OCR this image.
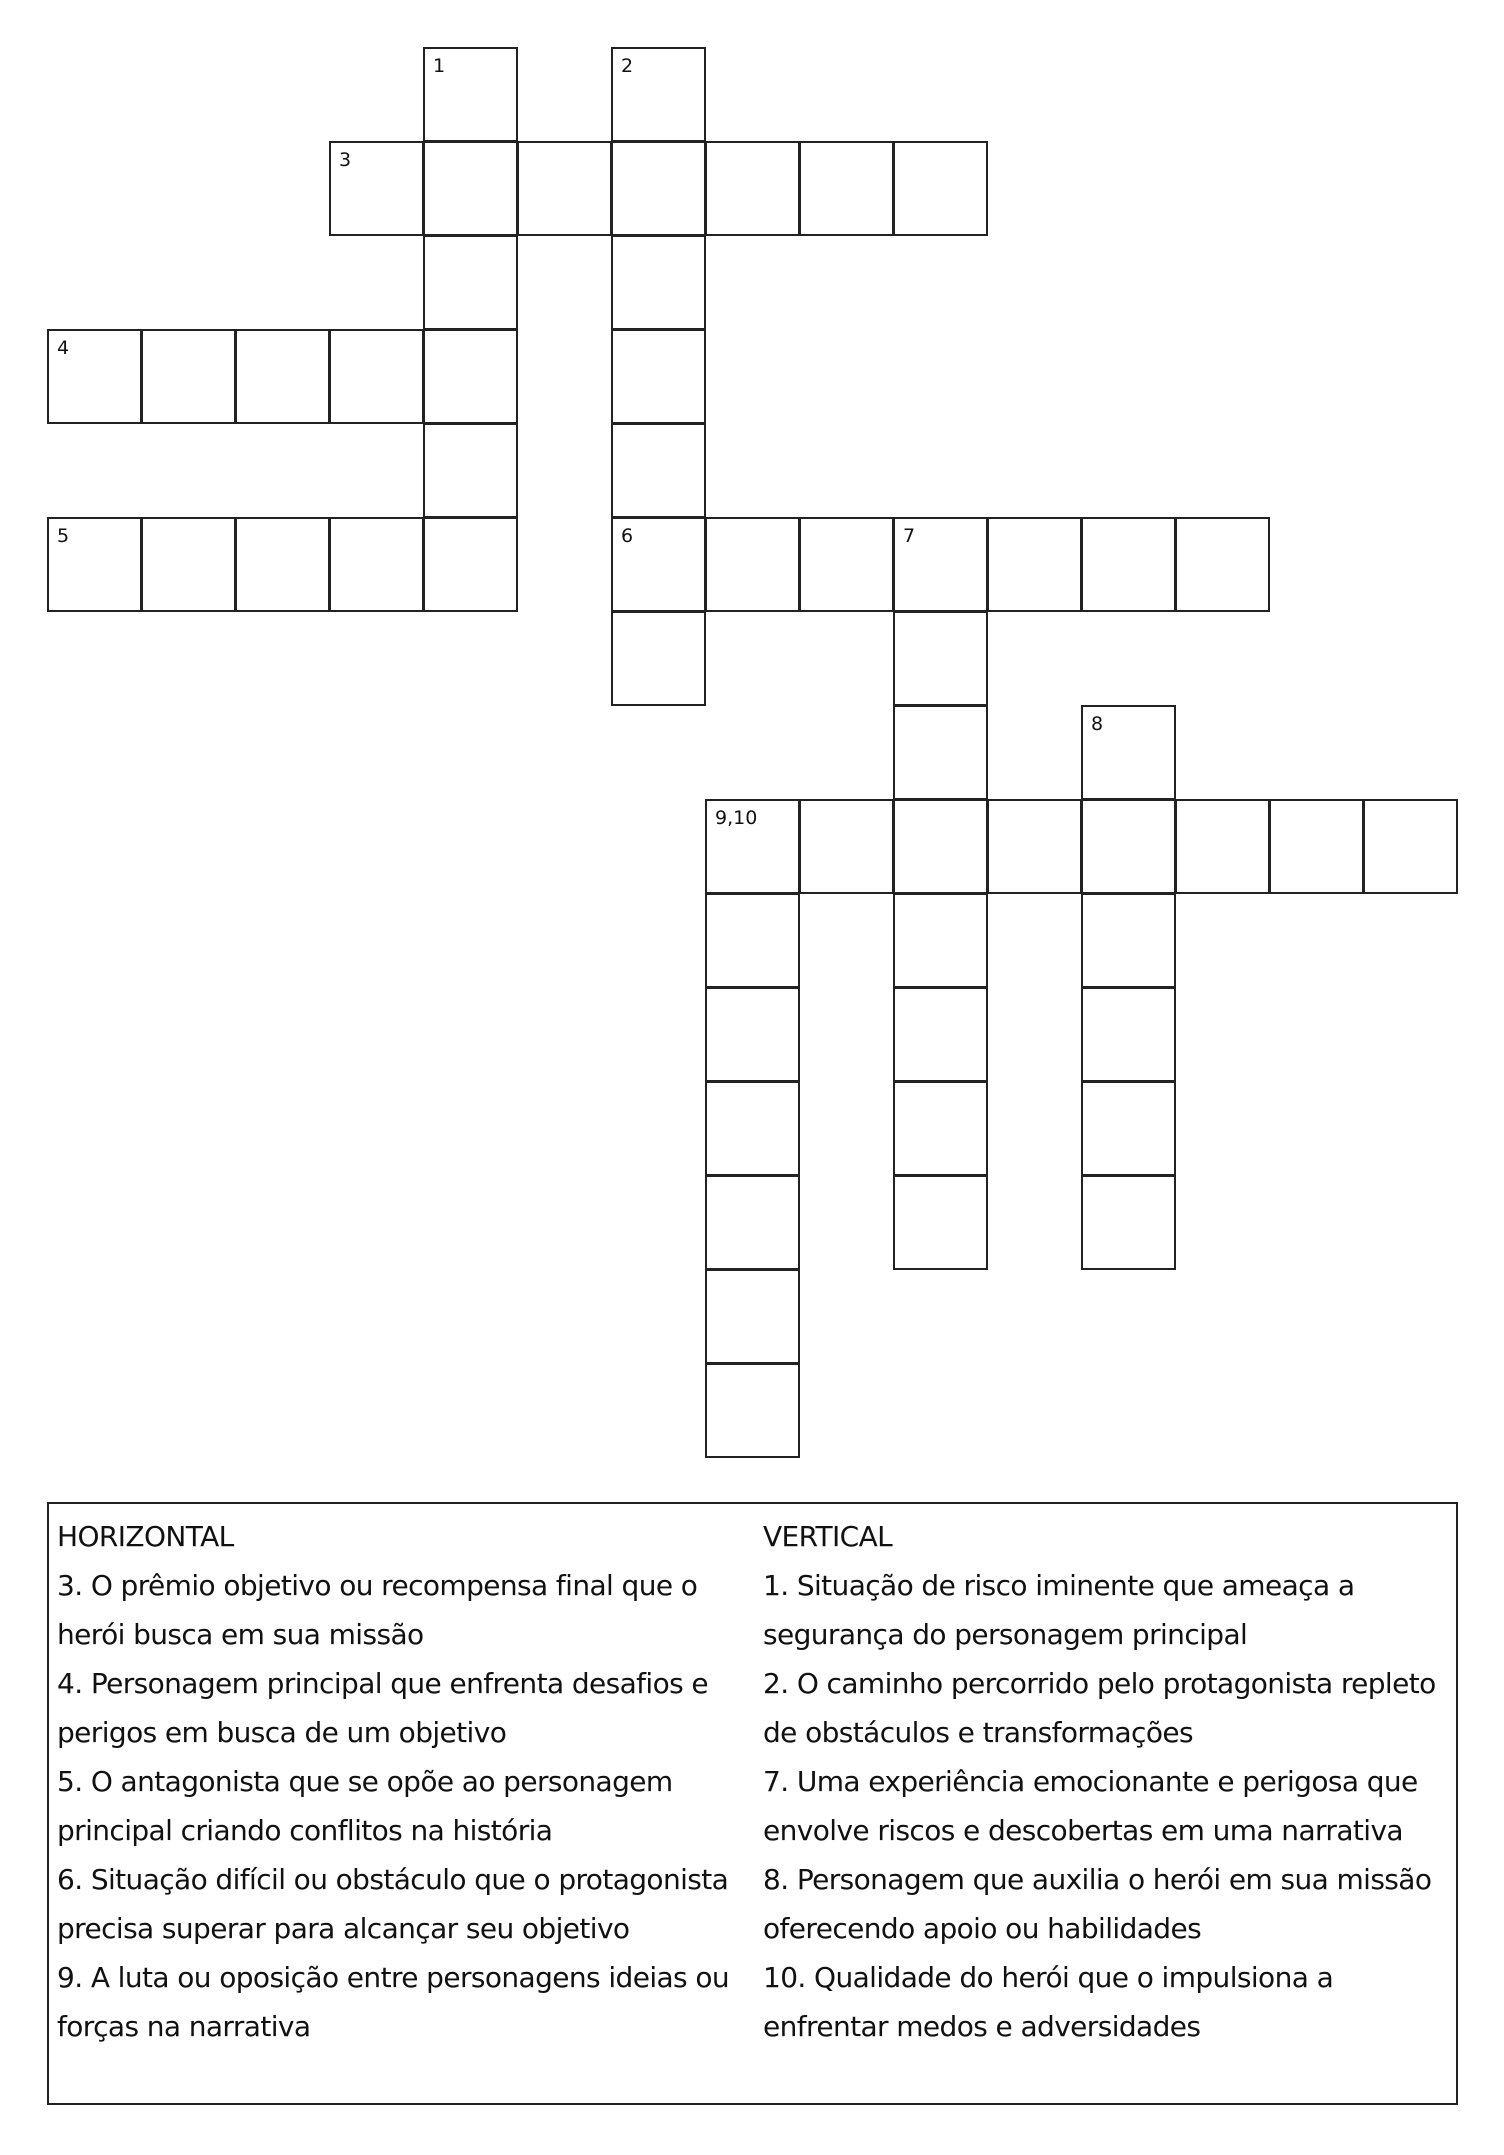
1	2
3
4
5	6	7
8
9,10
HORIZONTAL
3. O prêmio objetivo ou recompensa final que o
herói busca em sua missão
4. Personagem principal que enfrenta desafios e
perigos em busca de um objetivo
5. O antagonista que se opõe ao personagem
principal criando conflitos na história
6. Situação difícil ou obstáculo que o protagonista
precisa superar para alcançar seu objetivo
9. A luta ou oposição entre personagens ideias ou
forças na narrativa
VERTICAL
1. Situação de risco iminente que ameaça a
segurança do personagem principal
2. O caminho percorrido pelo protagonista repleto
de obstáculos e transformações
7. Uma experiência emocionante e perigosa que
envolve riscos e descobertas em uma narrativa
8. Personagem que auxilia o herói em sua missão
oferecendo apoio ou habilidades
10. Qualidade do herói que o impulsiona a
enfrentar medos e adversidades
